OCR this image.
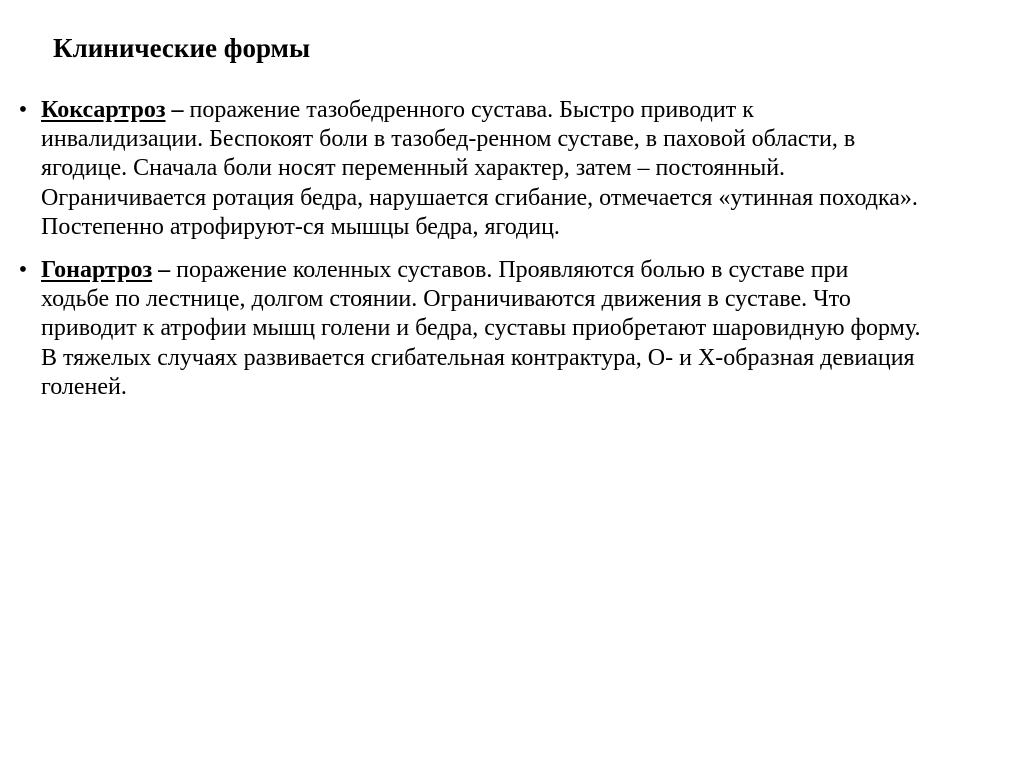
Клинические формы
• Коксартроз – поражение тазобедренного сустава. Быстро приводит к инвалидизации. Беспокоят боли в тазобед-ренном суставе, в паховой области, в ягодице. Сначала боли носят переменный характер, затем – постоянный. Ограничивается ротация бедра, нарушается сгибание, отмечается «утинная походка». Постепенно атрофируют-ся мышцы бедра, ягодиц.
• Гонартроз – поражение коленных суставов. Проявляются болью в суставе при ходьбе по лестнице, долгом стоянии. Ограничиваются движения в суставе. Что приводит к атрофии мышц голени и бедра, суставы приобретают шаровидную форму. В тяжелых случаях развивается сгибательная контрактура, О- и Х-образная девиация голеней.
